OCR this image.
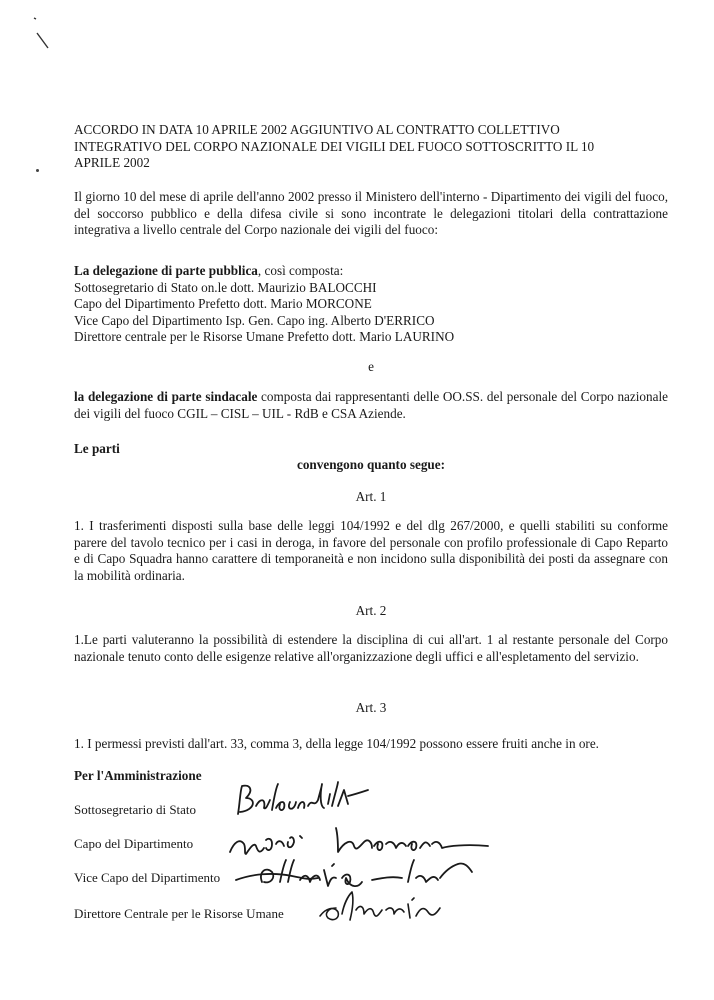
ACCORDO IN DATA 10 APRILE 2002 AGGIUNTIVO AL CONTRATTO COLLETTIVO
INTEGRATIVO DEL CORPO NAZIONALE DEI VIGILI DEL FUOCO SOTTOSCRITTO IL 10
APRILE 2002

Il giorno 10 del mese di aprile dell'anno 2002 presso il Ministero dell'interno - Dipartimento dei vigili del fuoco, del soccorso pubblico e della difesa civile si sono incontrate le delegazioni titolari della contrattazione integrativa a livello centrale del Corpo nazionale dei vigili del fuoco:

La delegazione di parte pubblica, così composta:
Sottosegretario di Stato on.le dott. Maurizio BALOCCHI
Capo del Dipartimento Prefetto dott. Mario MORCONE
Vice Capo del Dipartimento Isp. Gen. Capo ing. Alberto D'ERRICO
Direttore centrale per le Risorse Umane Prefetto dott. Mario LAURINO
e

la delegazione di parte sindacale composta dai rappresentanti delle OO.SS. del personale del Corpo nazionale dei vigili del fuoco CGIL – CISL – UIL - RdB e CSA Aziende.

Le parti
convengono quanto segue:
Art. 1

1. I trasferimenti disposti sulla base delle leggi 104/1992 e del dlg 267/2000, e quelli stabiliti su conforme parere del tavolo tecnico per i casi in deroga, in favore del personale con profilo professionale di Capo Reparto e di Capo Squadra hanno carattere di temporaneità e non incidono sulla disponibilità dei posti da assegnare con la mobilità ordinaria.

Art. 2

1.Le parti valuteranno la possibilità di estendere la disciplina di cui all'art. 1 al restante personale del Corpo nazionale tenuto conto delle esigenze relative all'organizzazione degli uffici e all'espletamento del servizio.

Art. 3

1. I permessi previsti dall'art. 33, comma 3, della legge 104/1992 possono essere fruiti anche in ore.

Per l'Amministrazione
Sottosegretario di Stato
Capo del Dipartimento
Vice Capo del Dipartimento
Direttore Centrale per le Risorse Umane
